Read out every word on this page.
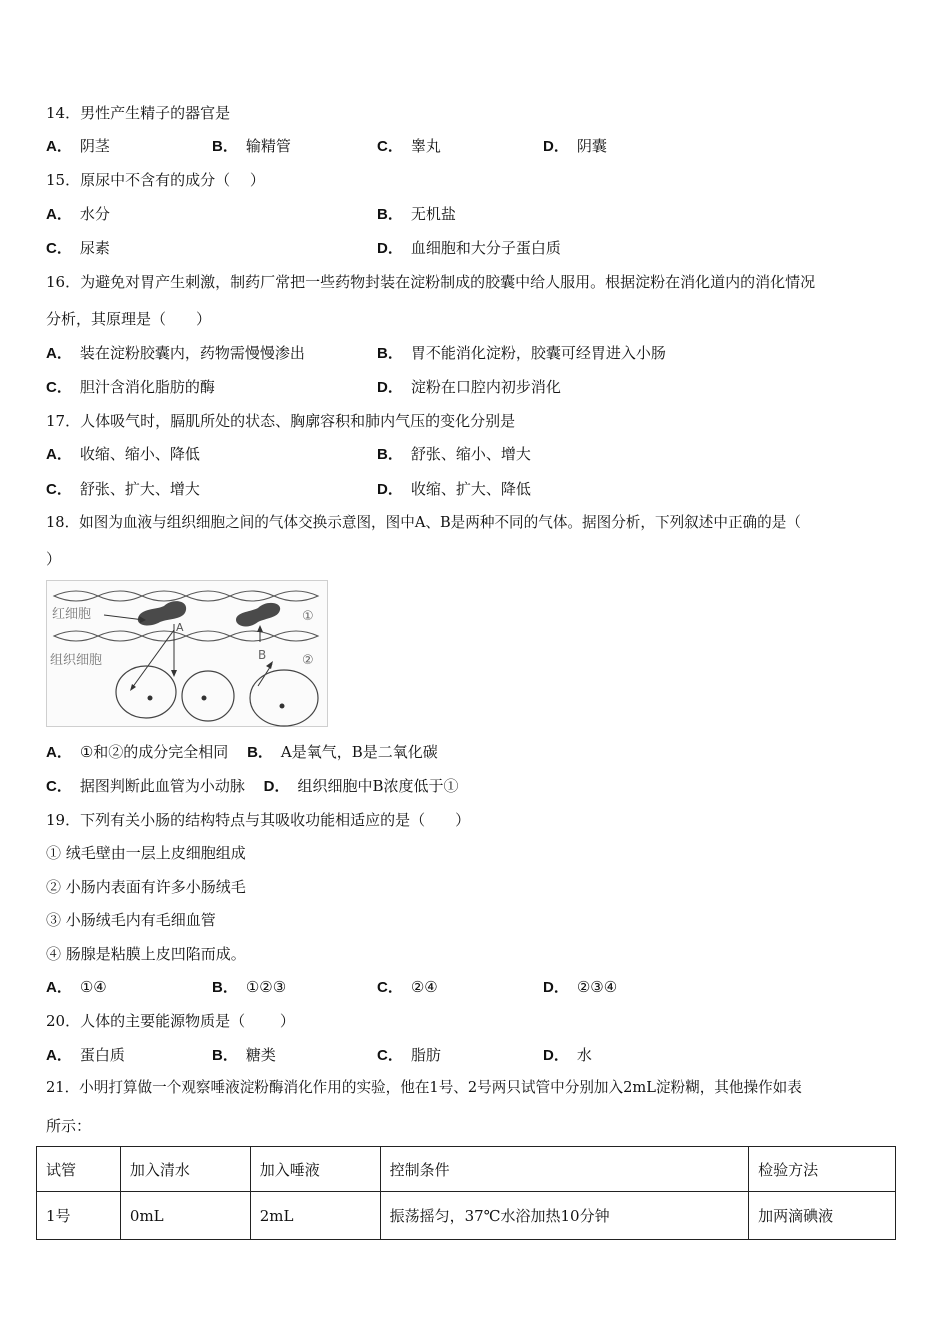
14．男性产生精子的器官是
A． 阴茎	B． 输精管	C． 睾丸	D． 阴囊
15．原尿中不含有的成分（　 ）
A． 水分	B． 无机盐
C． 尿素	D． 血细胞和大分子蛋白质
16．为避免对胃产生刺激，制药厂常把一些药物封装在淀粉制成的胶囊中给人服用。根据淀粉在消化道内的消化情况
分析，其原理是（　　）
A． 装在淀粉胶囊内，药物需慢慢渗出	B． 胃不能消化淀粉，胶囊可经胃进入小肠
C． 胆汁含消化脂肪的酶	D． 淀粉在口腔内初步消化
17．人体吸气时，膈肌所处的状态、胸廓容积和肺内气压的变化分别是
A． 收缩、缩小、降低	B． 舒张、缩小、增大
C． 舒张、扩大、增大	D． 收缩、扩大、降低
18．如图为血液与组织细胞之间的气体交换示意图，图中A、B是两种不同的气体。据图分析，下列叙述中正确的是（
）
红细胞
组织细胞
A
B
①
②
A． ①和②的成分完全相同 B． A是氧气，B是二氧化碳
C． 据图判断此血管为小动脉 D． 组织细胞中B浓度低于①
19．下列有关小肠的结构特点与其吸收功能相适应的是（　　）
① 绒毛壁由一层上皮细胞组成
② 小肠内表面有许多小肠绒毛
③ 小肠绒毛内有毛细血管
④ 肠腺是粘膜上皮凹陷而成。
A． ①④	B． ①②③	C． ②④	D． ②③④
20．人体的主要能源物质是（　　 ）
A． 蛋白质	B． 糖类	C． 脂肪	D． 水
21．小明打算做一个观察唾液淀粉酶消化作用的实验，他在1号、2号两只试管中分别加入2mL淀粉糊，其他操作如表
所示：
试管	加入清水	加入唾液	控制条件	检验方法
1号	0mL	2mL	振荡摇匀，37℃水浴加热10分钟	加两滴碘液
